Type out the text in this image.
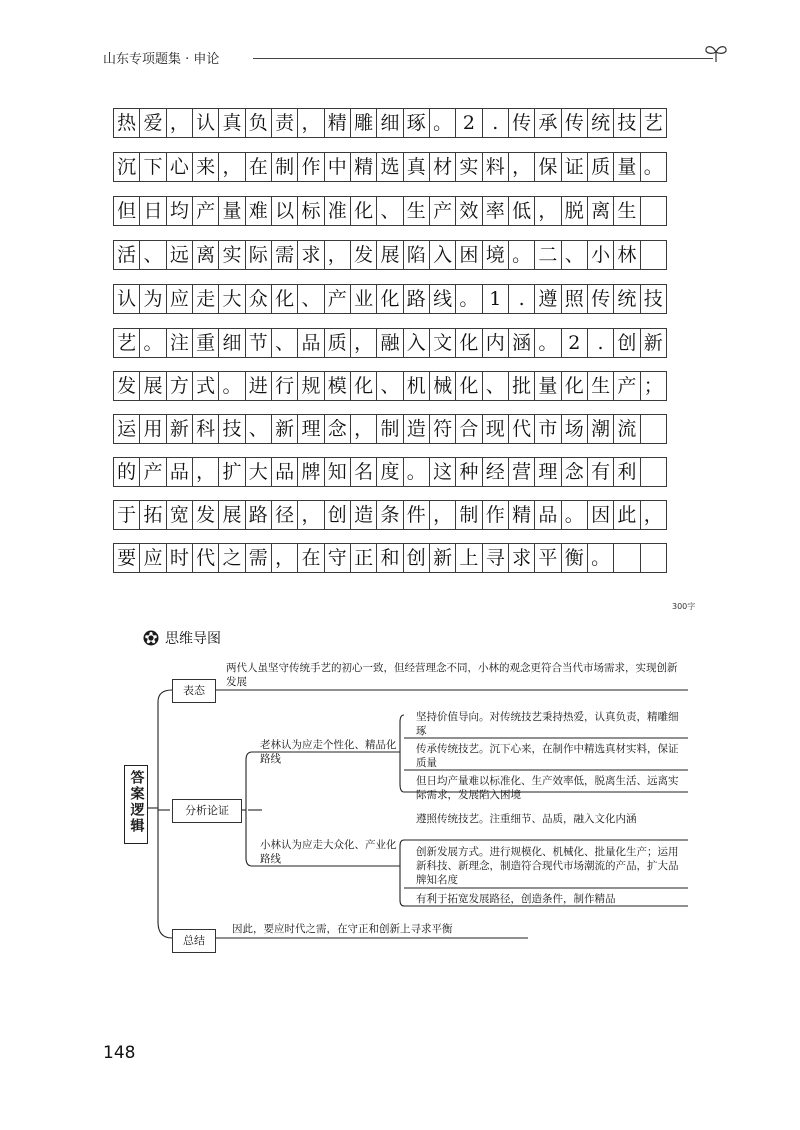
山东专项题集 · 申论
热 爱 ， 认 真 负 责 ， 精 雕 细 琢 。 2 . 传 承 传 统 技 艺
沉 下 心 来 ， 在 制 作 中 精 选 真 材 实 料 ， 保 证 质 量 。
但 日 均 产 量 难 以 标 准 化 、 生 产 效 率 低 ， 脱 离 生
活 、 远 离 实 际 需 求 ， 发 展 陷 入 困 境 。 二 、 小 林
认 为 应 走 大 众 化 、 产 业 化 路 线 。 1 . 遵 照 传 统 技
艺 。 注 重 细 节 、 品 质 ， 融 入 文 化 内 涵 。 2 . 创 新
发 展 方 式 。 进 行 规 模 化 、 机 械 化 、 批 量 化 生 产 ；
运 用 新 科 技 、 新 理 念 ， 制 造 符 合 现 代 市 场 潮 流
的 产 品 ， 扩 大 品 牌 知 名 度 。 这 种 经 营 理 念 有 利
于 拓 宽 发 展 路 径 ， 创 造 条 件 ， 制 作 精 品 。 因 此 ，
要 应 时 代 之 需 ， 在 守 正 和 创 新 上 寻 求 平 衡 。
300字
思维导图
答案逻辑
表态
两代人虽坚守传统手艺的初心一致，但经营理念不同，小林的观念更符合当代市场需求，实现创新发展
分析论证
老林认为应走个性化、精品化路线
坚持价值导向。对传统技艺秉持热爱，认真负责，精雕细琢
传承传统技艺。沉下心来，在制作中精选真材实料，保证质量
但日均产量难以标准化、生产效率低，脱离生活、远离实际需求，发展陷入困境
小林认为应走大众化、产业化路线
遵照传统技艺。注重细节、品质，融入文化内涵
创新发展方式。进行规模化、机械化、批量化生产；运用新科技、新理念，制造符合现代市场潮流的产品，扩大品牌知名度
有利于拓宽发展路径，创造条件，制作精品
总结
因此，要应时代之需，在守正和创新上寻求平衡
148
